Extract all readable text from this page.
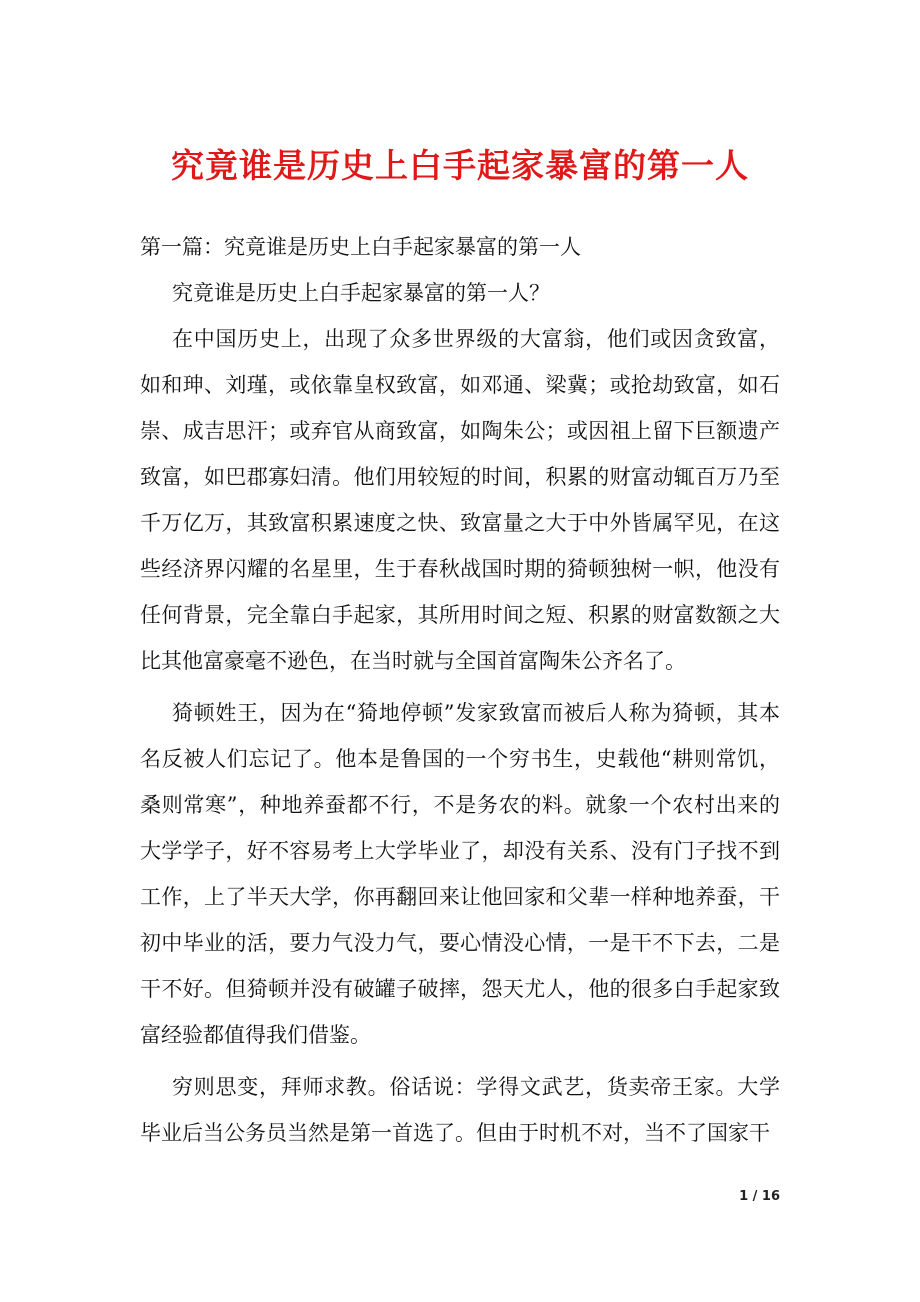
究竟谁是历史上白手起家暴富的第一人

第一篇：究竟谁是历史上白手起家暴富的第一人

究竟谁是历史上白手起家暴富的第一人？

在中国历史上，出现了众多世界级的大富翁，他们或因贪致富，如和珅、刘瑾，或依靠皇权致富，如邓通、梁冀；或抢劫致富，如石崇、成吉思汗；或弃官从商致富，如陶朱公；或因祖上留下巨额遗产致富，如巴郡寡妇清。他们用较短的时间，积累的财富动辄百万乃至千万亿万，其致富积累速度之快、致富量之大于中外皆属罕见，在这些经济界闪耀的名星里，生于春秋战国时期的猗顿独树一帜，他没有任何背景，完全靠白手起家，其所用时间之短、积累的财富数额之大比其他富豪毫不逊色，在当时就与全国首富陶朱公齐名了。

猗顿姓王，因为在“猗地停顿”发家致富而被后人称为猗顿，其本名反被人们忘记了。他本是鲁国的一个穷书生，史载他“耕则常饥，桑则常寒”，种地养蚕都不行，不是务农的料。就象一个农村出来的大学学子，好不容易考上大学毕业了，却没有关系、没有门子找不到工作，上了半天大学，你再翻回来让他回家和父辈一样种地养蚕，干初中毕业的活，要力气没力气，要心情没心情，一是干不下去，二是干不好。但猗顿并没有破罐子破摔，怨天尤人，他的很多白手起家致富经验都值得我们借鉴。

穷则思变，拜师求教。俗话说：学得文武艺，货卖帝王家。大学毕业后当公务员当然是第一首选了。但由于时机不对，当不了国家干

1 / 16
